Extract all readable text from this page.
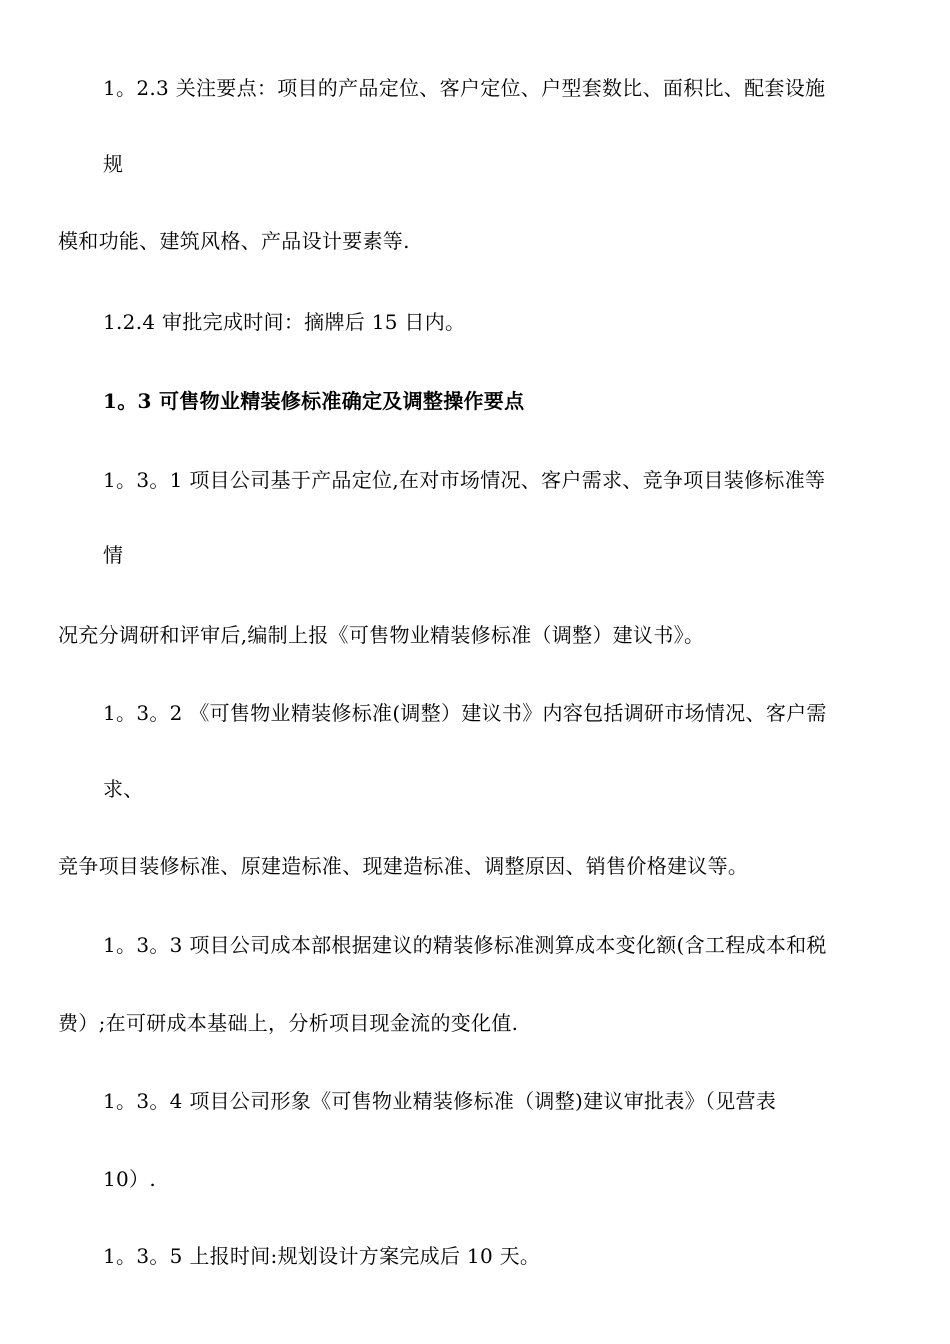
1。2.3 关注要点：项目的产品定位、客户定位、户型套数比、面积比、配套设施
规
模和功能、建筑风格、产品设计要素等.
1.2.4 审批完成时间：摘牌后 15 日内。
1。3 可售物业精装修标准确定及调整操作要点
1。3。1 项目公司基于产品定位,在对市场情况、客户需求、竞争项目装修标准等
情
况充分调研和评审后,编制上报《可售物业精装修标准（调整）建议书》。
1。3。2 《可售物业精装修标准(调整）建议书》内容包括调研市场情况、客户需
求、
竞争项目装修标准、原建造标准、现建造标准、调整原因、销售价格建议等。
1。3。3 项目公司成本部根据建议的精装修标准测算成本变化额(含工程成本和税
费）;在可研成本基础上，分析项目现金流的变化值.
1。3。4 项目公司形象《可售物业精装修标准（调整)建议审批表》（见营表
10）.
1。3。5 上报时间:规划设计方案完成后 10 天。
